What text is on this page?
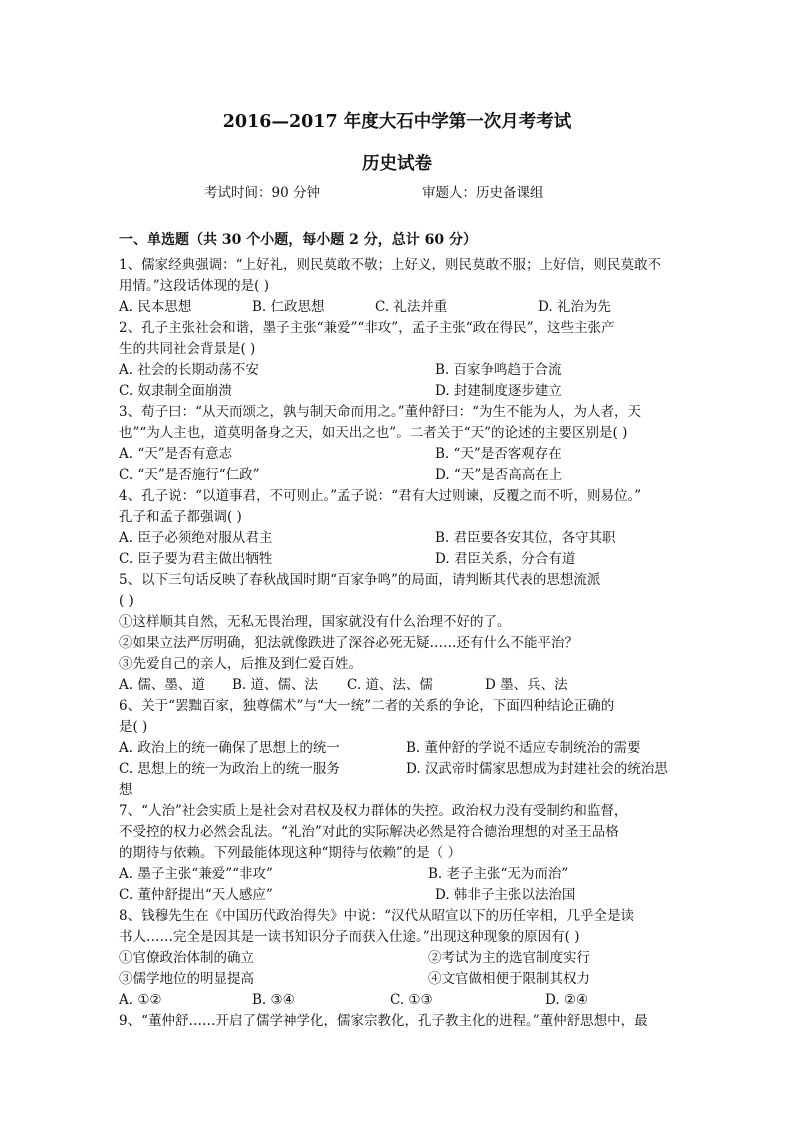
2016—2017 年度大石中学第一次月考考试
历史试卷
考试时间：90 分钟	审题人：历史备课组
一、单选题（共 30 个小题，每小题 2 分，总计 60 分）
1、儒家经典强调：“上好礼，则民莫敢不敬；上好义，则民莫敢不服；上好信，则民莫敢不
用情。”这段话体现的是( )
A. 民本思想	B. 仁政思想	C. 礼法并重	D. 礼治为先
2、孔子主张社会和谐，墨子主张“兼爱”“非攻”，孟子主张“政在得民”，这些主张产
生的共同社会背景是( )
A. 社会的长期动荡不安	B. 百家争鸣趋于合流
C. 奴隶制全面崩溃	D. 封建制度逐步建立
3、荀子曰：“从天而颂之，孰与制天命而用之。”董仲舒曰：“为生不能为人，为人者，天
也”“为人主也，道莫明备身之天，如天出之也”。二者关于“天”的论述的主要区别是( )
A. “天”是否有意志	B. “天”是否客观存在
C. “天”是否施行“仁政”	D. “天”是否高高在上
4、孔子说：“以道事君，不可则止。”孟子说：“君有大过则谏，反覆之而不听，则易位。”
孔子和孟子都强调( )
A. 臣子必须绝对服从君主	B. 君臣要各安其位，各守其职
C. 臣子要为君主做出牺牲	D. 君臣关系，分合有道
5、以下三句话反映了春秋战国时期“百家争鸣”的局面，请判断其代表的思想流派
( )
①这样顺其自然，无私无畏治理，国家就没有什么治理不好的了。
②如果立法严厉明确，犯法就像跌进了深谷必死无疑……还有什么不能平治？
③先爱自己的亲人，后推及到仁爱百姓。
A. 儒、墨、道 B. 道、儒、法 C. 道、法、儒	D 墨、兵、法
6、关于“罢黜百家，独尊儒术”与“大一统”二者的关系的争论，下面四种结论正确的
是( )
A. 政治上的统一确保了思想上的统一	B. 董仲舒的学说不适应专制统治的需要
C. 思想上的统一为政治上的统一服务	D. 汉武帝时儒家思想成为封建社会的统治思
想
7、“人治”社会实质上是社会对君权及权力群体的失控。政治权力没有受制约和监督，
不受控的权力必然会乱法。“礼治”对此的实际解决必然是符合德治理想的对圣王品格
的期待与依赖。下列最能体现这种“期待与依赖”的是（ ）
A. 墨子主张“兼爱”“非攻”	B. 老子主张“无为而治”
C. 董仲舒提出“天人感应”	D. 韩非子主张以法治国
8、钱穆先生在《中国历代政治得失》中说：“汉代从昭宣以下的历任宰相，几乎全是读
书人……完全是因其是一读书知识分子而获入仕途。”出现这种现象的原因有( )
①官僚政治体制的确立	②考试为主的选官制度实行
③儒学地位的明显提高	④文官做相便于限制其权力
A. ①②	B. ③④	C. ①③	D. ②④
9、“董仲舒……开启了儒学神学化，儒家宗教化，孔子教主化的进程。”董仲舒思想中，最
